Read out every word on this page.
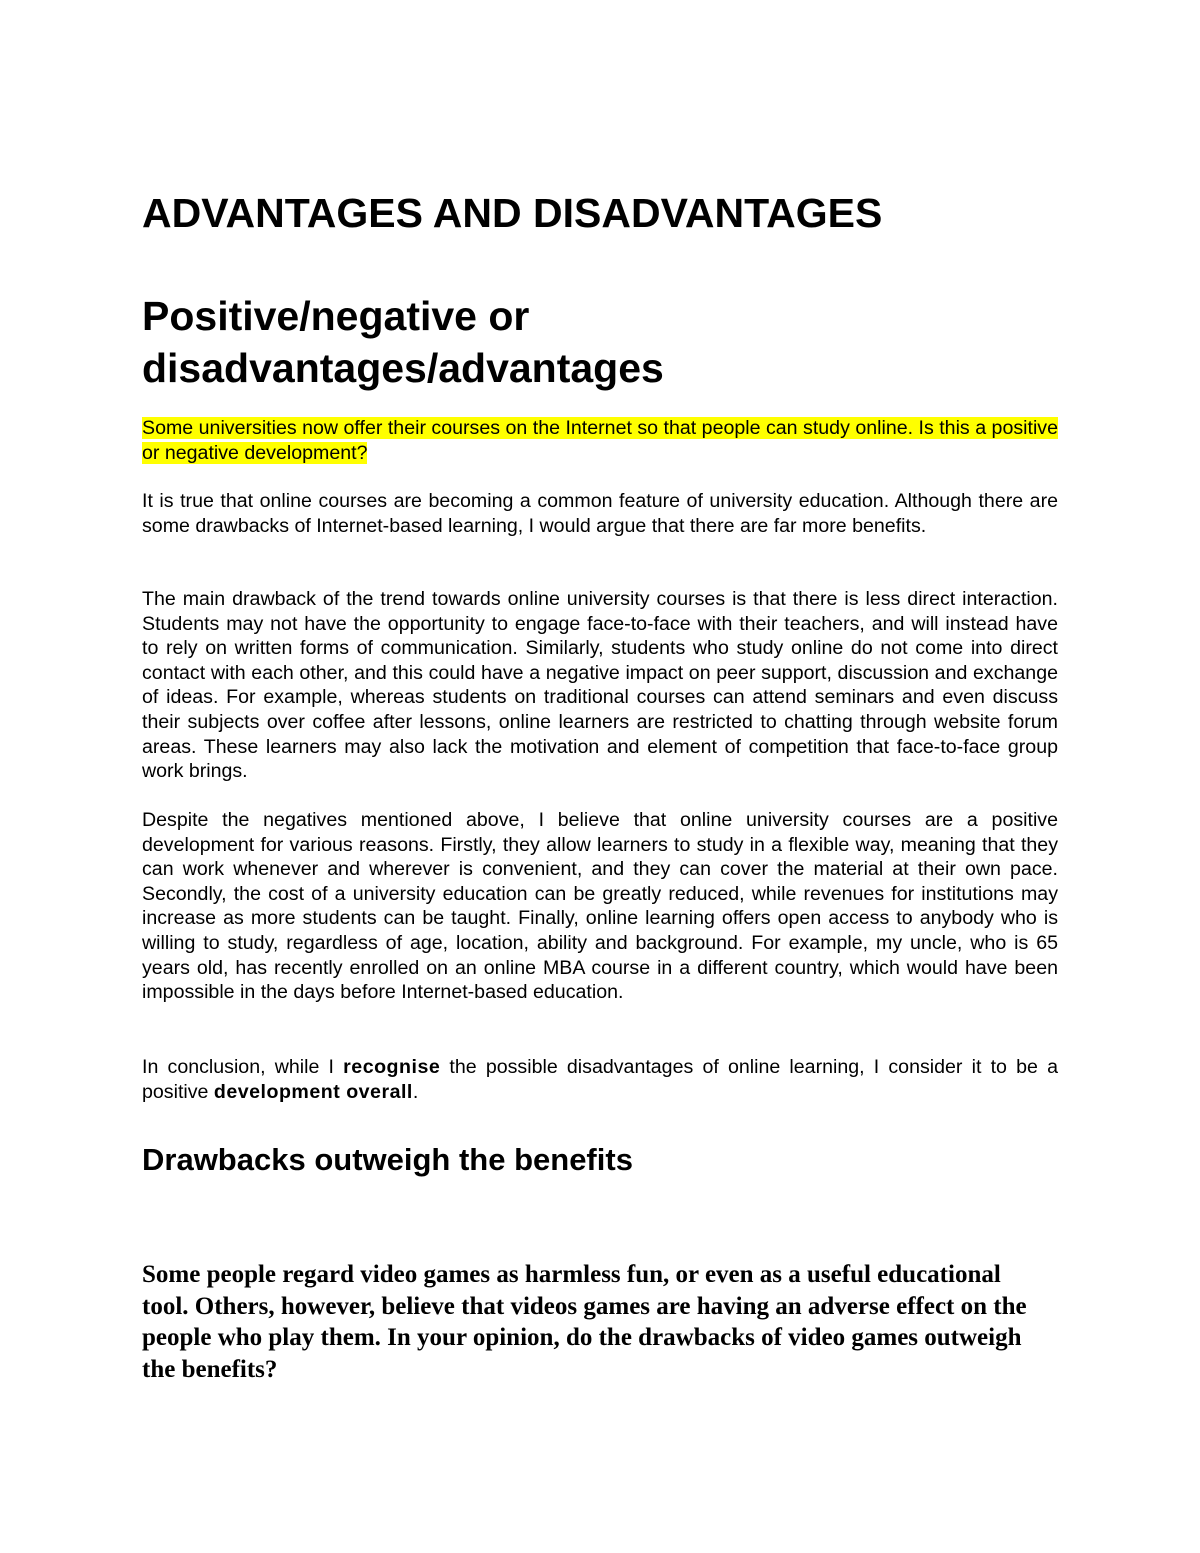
ADVANTAGES AND DISADVANTAGES
Positive/negative or disadvantages/advantages

Some universities now offer their courses on the Internet so that people can study online. Is this a positive or negative development?

It is true that online courses are becoming a common feature of university education. Although there are some drawbacks of Internet-based learning, I would argue that there are far more benefits.

The main drawback of the trend towards online university courses is that there is less direct interaction. Students may not have the opportunity to engage face-to-face with their teachers, and will instead have to rely on written forms of communication. Similarly, students who study online do not come into direct contact with each other, and this could have a negative impact on peer support, discussion and exchange of ideas. For example, whereas students on traditional courses can attend seminars and even discuss their subjects over coffee after lessons, online learners are restricted to chatting through website forum areas. These learners may also lack the motivation and element of competition that face-to-face group work brings.

Despite the negatives mentioned above, I believe that online university courses are a positive development for various reasons. Firstly, they allow learners to study in a flexible way, meaning that they can work whenever and wherever is convenient, and they can cover the material at their own pace. Secondly, the cost of a university education can be greatly reduced, while revenues for institutions may increase as more students can be taught. Finally, online learning offers open access to anybody who is willing to study, regardless of age, location, ability and background. For example, my uncle, who is 65 years old, has recently enrolled on an online MBA course in a different country, which would have been impossible in the days before Internet-based education.

In conclusion, while I recognise the possible disadvantages of online learning, I consider it to be a positive development overall.

Drawbacks outweigh the benefits

Some people regard video games as harmless fun, or even as a useful educational tool. Others, however, believe that videos games are having an adverse effect on the people who play them. In your opinion, do the drawbacks of video games outweigh the benefits?
